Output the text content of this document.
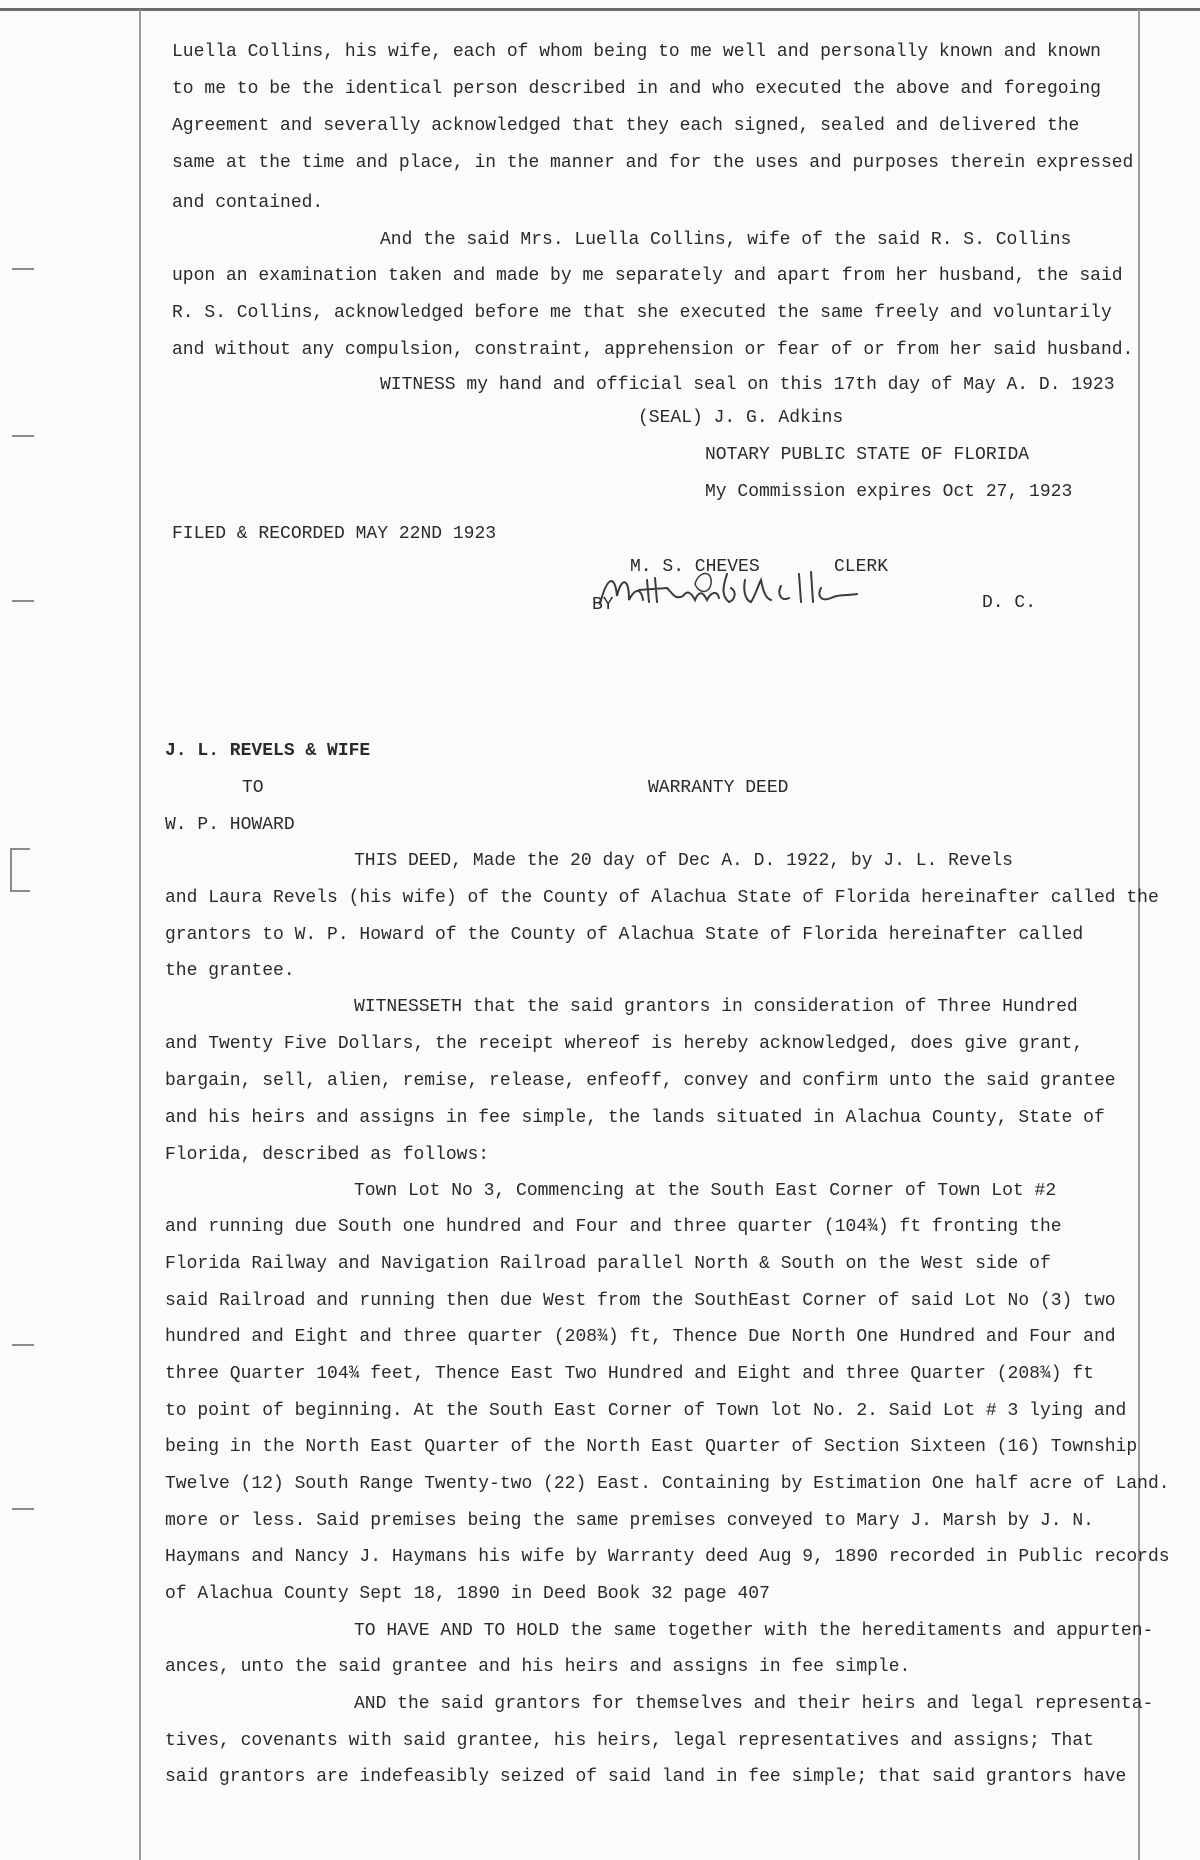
Luella Collins, his wife, each of whom being to me well and personally known and known
to me to be the identical person described in and who executed the above and foregoing
Agreement and severally acknowledged that they each signed, sealed and delivered the
same at the time and place, in the manner and for the uses and purposes therein expressed
and contained.
And the said Mrs. Luella Collins, wife of the said R. S. Collins
upon an examination taken and made by me separately and apart from her husband, the said
R. S. Collins, acknowledged before me that she executed the same freely and voluntarily
and without any compulsion, constraint, apprehension or fear of or from her said husband.
WITNESS my hand and official seal on this 17th day of May A. D. 1923
(SEAL) J. G. Adkins
NOTARY PUBLIC STATE OF FLORIDA
My Commission expires Oct 27, 1923
FILED & RECORDED MAY 22ND 1923
M. S. CHEVES	CLERK
BY	D. C.
J. L. REVELS & WIFE
TO	WARRANTY DEED
W. P. HOWARD
THIS DEED, Made the 20 day of Dec A. D. 1922, by J. L. Revels
and Laura Revels (his wife) of the County of Alachua State of Florida hereinafter called the
grantors to W. P. Howard of the County of Alachua State of Florida hereinafter called
the grantee.
WITNESSETH that the said grantors in consideration of Three Hundred
and Twenty Five Dollars, the receipt whereof is hereby acknowledged, does give grant,
bargain, sell, alien, remise, release, enfeoff, convey and confirm unto the said grantee
and his heirs and assigns in fee simple, the lands situated in Alachua County, State of
Florida, described as follows:
Town Lot No 3, Commencing at the South East Corner of Town Lot #2
and running due South one hundred and Four and three quarter (104¾) ft fronting the
Florida Railway and Navigation Railroad parallel North & South on the West side of
said Railroad and running then due West from the SouthEast Corner of said Lot No (3) two
hundred and Eight and three quarter (208¾) ft, Thence Due North One Hundred and Four and
three Quarter 104¾ feet, Thence East Two Hundred and Eight and three Quarter (208¾) ft
to point of beginning. At the South East Corner of Town lot No. 2. Said Lot # 3 lying and
being in the North East Quarter of the North East Quarter of Section Sixteen (16) Township
Twelve (12) South Range Twenty-two (22) East. Containing by Estimation One half acre of Land.
more or less. Said premises being the same premises conveyed to Mary J. Marsh by J. N.
Haymans and Nancy J. Haymans his wife by Warranty deed Aug 9, 1890 recorded in Public records
of Alachua County Sept 18, 1890 in Deed Book 32 page 407
TO HAVE AND TO HOLD the same together with the hereditaments and appurten-
ances, unto the said grantee and his heirs and assigns in fee simple.
AND the said grantors for themselves and their heirs and legal representa-
tives, covenants with said grantee, his heirs, legal representatives and assigns; That
said grantors are indefeasibly seized of said land in fee simple; that said grantors have
